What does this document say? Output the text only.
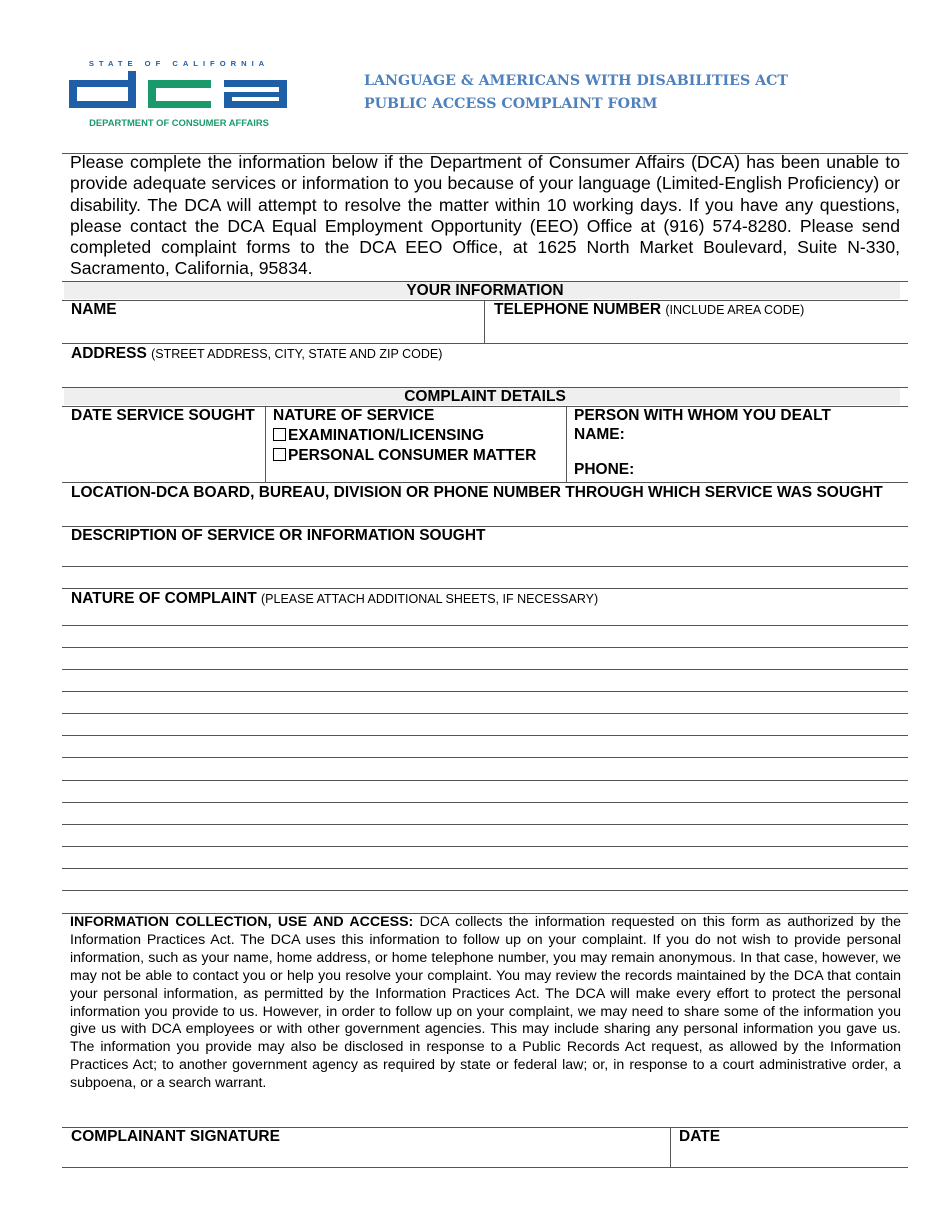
STATE OF CALIFORNIA
DEPARTMENT OF CONSUMER AFFAIRS
LANGUAGE & AMERICANS WITH DISABILITIES ACT
PUBLIC ACCESS COMPLAINT FORM
Please complete the information below if the Department of Consumer Affairs (DCA) has been unable to provide adequate services or information to you because of your language (Limited-English Proficiency) or disability. The DCA will attempt to resolve the matter within 10 working days. If you have any questions, please contact the DCA Equal Employment Opportunity (EEO) Office at (916) 574-8280. Please send completed complaint forms to the DCA EEO Office, at 1625 North Market Boulevard, Suite N-330, Sacramento, California, 95834.
YOUR INFORMATION
NAME	TELEPHONE NUMBER (INCLUDE AREA CODE)
ADDRESS (STREET ADDRESS, CITY, STATE AND ZIP CODE)
COMPLAINT DETAILS
DATE SERVICE SOUGHT NATURE OF SERVICE
EXAMINATION/LICENSING
PERSONAL CONSUMER MATTER
PERSON WITH WHOM YOU DEALT
NAME:
PHONE:
LOCATION-DCA BOARD, BUREAU, DIVISION OR PHONE NUMBER THROUGH WHICH SERVICE WAS SOUGHT
DESCRIPTION OF SERVICE OR INFORMATION SOUGHT
NATURE OF COMPLAINT (PLEASE ATTACH ADDITIONAL SHEETS, IF NECESSARY)
INFORMATION COLLECTION, USE AND ACCESS: DCA collects the information requested on this form as authorized by the Information Practices Act. The DCA uses this information to follow up on your complaint. If you do not wish to provide personal information, such as your name, home address, or home telephone number, you may remain anonymous. In that case, however, we may not be able to contact you or help you resolve your complaint. You may review the records maintained by the DCA that contain your personal information, as permitted by the Information Practices Act. The DCA will make every effort to protect the personal information you provide to us. However, in order to follow up on your complaint, we may need to share some of the information you give us with DCA employees or with other government agencies. This may include sharing any personal information you gave us. The information you provide may also be disclosed in response to a Public Records Act request, as allowed by the Information Practices Act; to another government agency as required by state or federal law; or, in response to a court administrative order, a subpoena, or a search warrant.
COMPLAINANT SIGNATURE	DATE
